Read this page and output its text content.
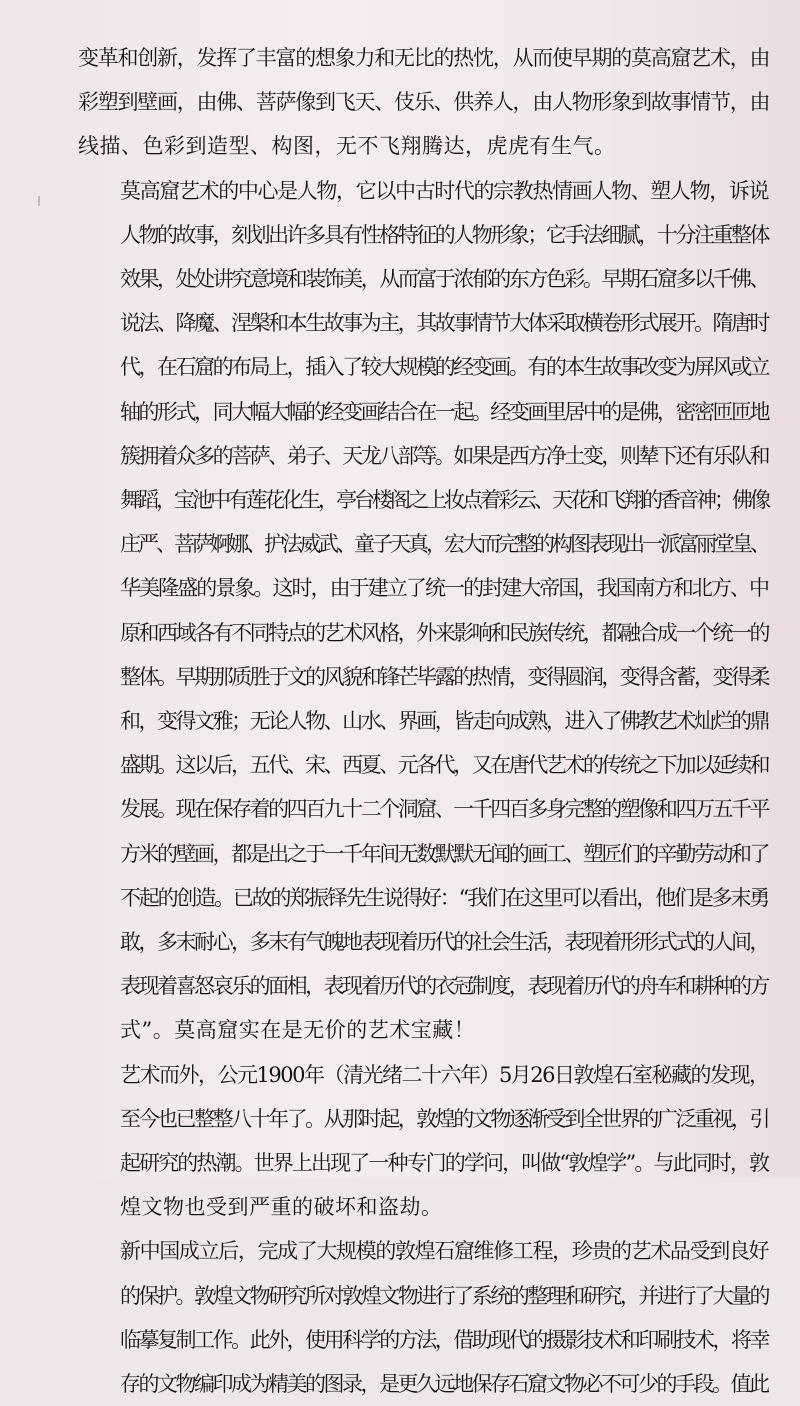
变革和创新，发挥了丰富的想象力和无比的热忱，从而使早期的莫高窟艺术，由
彩塑到壁画，由佛、菩萨像到飞天、伎乐、供养人，由人物形象到故事情节，由
线描、色彩到造型、构图，无不飞翔腾达，虎虎有生气。

莫高窟艺术的中心是人物，它以中古时代的宗教热情画人物、塑人物，诉说
人物的故事，刻划出许多具有性格特征的人物形象；它手法细腻，十分注重整体
效果，处处讲究意境和装饰美，从而富于浓郁的东方色彩。早期石窟多以千佛、
说法、降魔、涅槃和本生故事为主，其故事情节大体采取横卷形式展开。隋唐时
代，在石窟的布局上，插入了较大规模的经变画。有的本生故事改变为屏风或立
轴的形式，同大幅大幅的经变画结合在一起。经变画里居中的是佛，密密匝匝地
簇拥着众多的菩萨、弟子、天龙八部等。如果是西方净土变，则辇下还有乐队和
舞蹈，宝池中有莲花化生，亭台楼阁之上妆点着彩云、天花和飞翔的香音神；佛像
庄严、菩萨婀娜、护法威武、童子天真，宏大而完整的构图表现出一派富丽堂皇、
华美隆盛的景象。这时，由于建立了统一的封建大帝国，我国南方和北方、中
原和西域各有不同特点的艺术风格，外来影响和民族传统，都融合成一个统一的
整体。早期那质胜于文的风貌和锋芒毕露的热情，变得圆润，变得含蓄，变得柔
和，变得文雅；无论人物、山水、界画，皆走向成熟，进入了佛教艺术灿烂的鼎
盛期。这以后，五代、宋、西夏、元各代，又在唐代艺术的传统之下加以延续和
发展。现在保存着的四百九十二个洞窟、一千四百多身完整的塑像和四万五千平
方米的壁画，都是出之于一千年间无数默默无闻的画工、塑匠们的辛勤劳动和了
不起的创造。已故的郑振铎先生说得好：“我们在这里可以看出，他们是多末勇
敢，多末耐心，多末有气魄地表现着历代的社会生活，表现着形形式式的人间，
表现着喜怒哀乐的面相，表现着历代的衣冠制度，表现着历代的舟车和耕种的方
式”。莫高窟实在是无价的艺术宝藏！

艺术而外，公元1900年（清光绪二十六年）5月26日敦煌石室秘藏的发现，
至今也已整整八十年了。从那时起，敦煌的文物逐渐受到全世界的广泛重视，引
起研究的热潮。世界上出现了一种专门的学问，叫做“敦煌学”。与此同时，敦
煌文物也受到严重的破坏和盗劫。

新中国成立后，完成了大规模的敦煌石窟维修工程，珍贵的艺术品受到良好
的保护。敦煌文物研究所对敦煌文物进行了系统的整理和研究，并进行了大量的
临摹复制工作。此外，使用科学的方法，借助现代的摄影技术和印刷技术，将幸
存的文物编印成为精美的图录，是更久远地保存石窟文物必不可少的手段。值此
